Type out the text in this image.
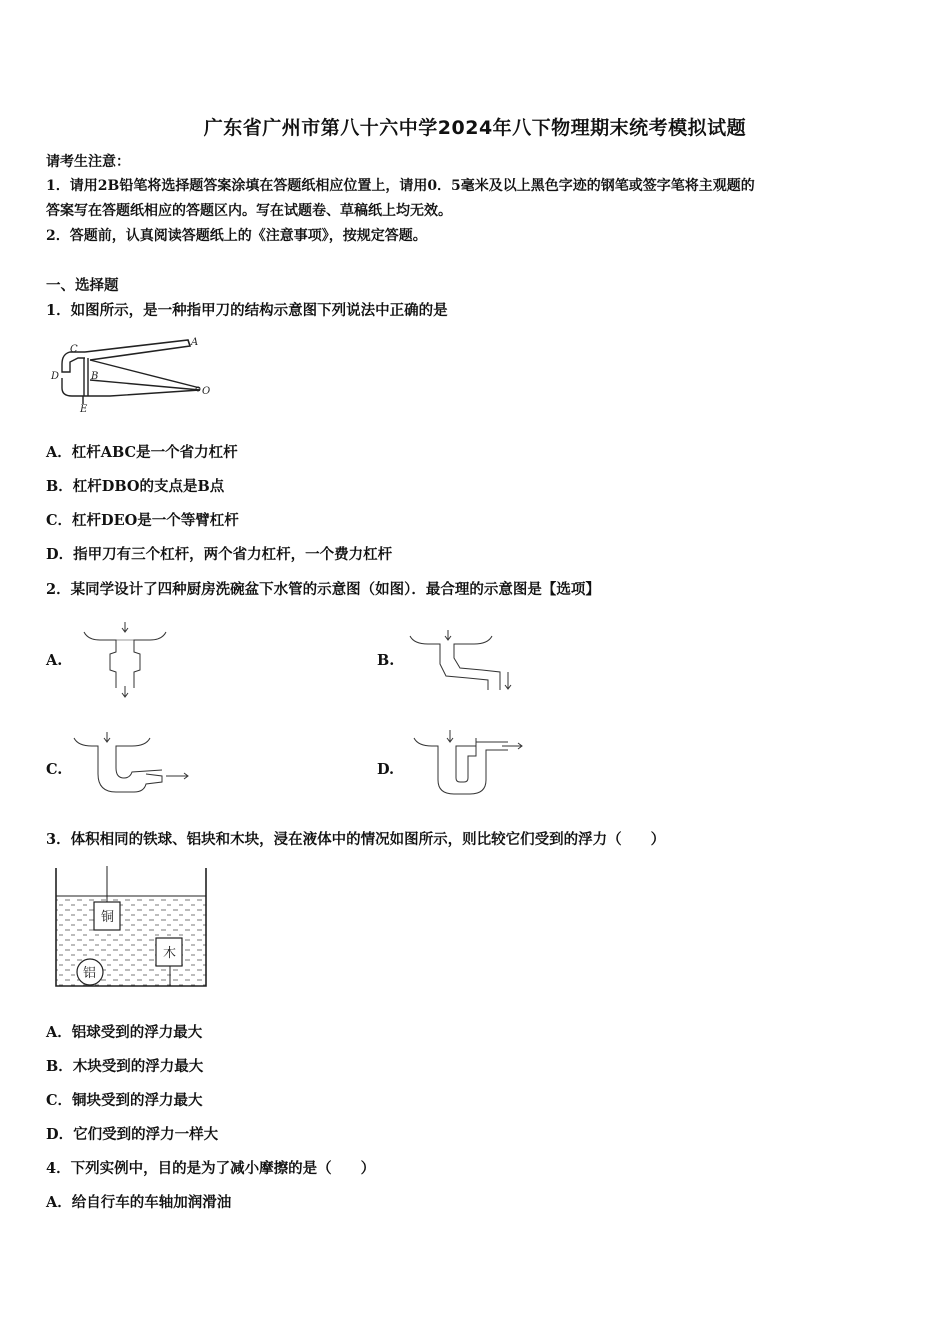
广东省广州市第八十六中学2024年八下物理期末统考模拟试题
请考生注意：
1．请用2B铅笔将选择题答案涂填在答题纸相应位置上，请用0．5毫米及以上黑色字迹的钢笔或签字笔将主观题的
答案写在答题纸相应的答题区内。写在试题卷、草稿纸上均无效。
2．答题前，认真阅读答题纸上的《注意事项》，按规定答题。
一、选择题
1．如图所示，是一种指甲刀的结构示意图下列说法中正确的是
C
A
B
D
O
E
A．杠杆ABC是一个省力杠杆
B．杠杆DBO的支点是B点
C．杠杆DEO是一个等臂杠杆
D．指甲刀有三个杠杆，两个省力杠杆，一个费力杠杆
2．某同学设计了四种厨房洗碗盆下水管的示意图（如图）．最合理的示意图是【选项】
A.	B.
C.	D.
3．体积相同的铁球、铝块和木块，浸在液体中的情况如图所示，则比较它们受到的浮力（　　）
铜
木
铝
A．铝球受到的浮力最大
B．木块受到的浮力最大
C．铜块受到的浮力最大
D．它们受到的浮力一样大
4．下列实例中，目的是为了减小摩擦的是（　　）
A．给自行车的车轴加润滑油
